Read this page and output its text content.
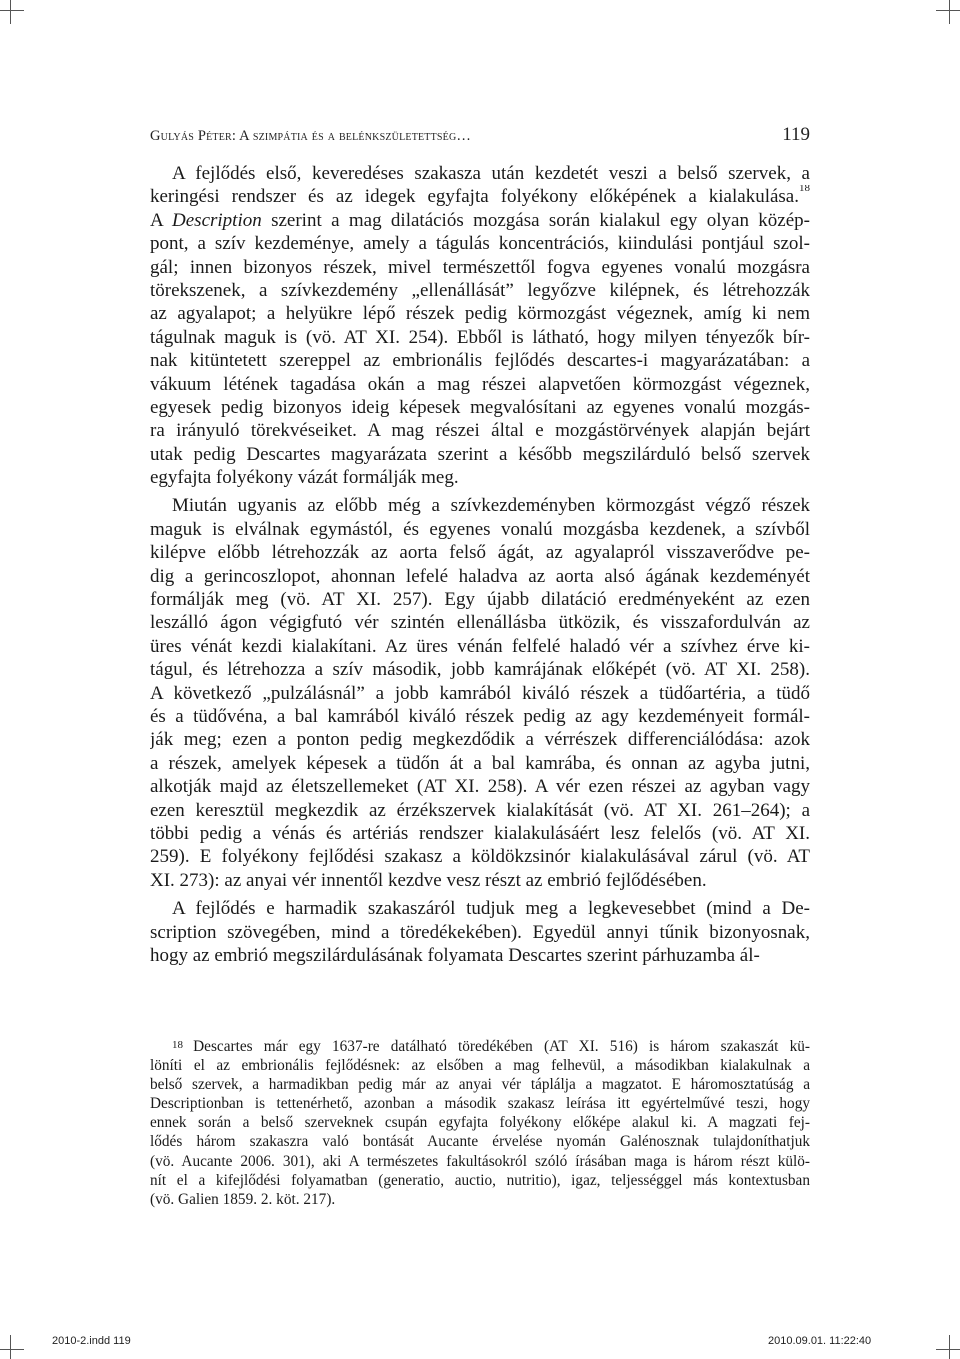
Gulyás Péter: A szimpátia és a belénkszületettség…	119
A fejlődés első, keveredéses szakasza után kezdetét veszi a belső szervek, a
keringési rendszer és az idegek egyfajta folyékony előképének a kialakulása.$^{18}$
A Description szerint a mag dilatációs mozgása során kialakul egy olyan közép-
pont, a szív kezdeménye, amely a tágulás koncentrációs, kiindulási pontjául szol-
gál; innen bizonyos részek, mivel természettől fogva egyenes vonalú mozgásra
törekszenek, a szívkezdemény „ellenállását” legyőzve kilépnek, és létrehozzák
az agyalapot; a helyükre lépő részek pedig körmozgást végeznek, amíg ki nem
tágulnak maguk is (vö. AT XI. 254). Ebből is látható, hogy milyen tényezők bír-
nak kitüntetett szereppel az embrionális fejlődés descartes-i magyarázatában: a
vákuum létének tagadása okán a mag részei alapvetően körmozgást végeznek,
egyesek pedig bizonyos ideig képesek megvalósítani az egyenes vonalú mozgás-
ra irányuló törekvéseiket. A mag részei által e mozgástörvények alapján bejárt
utak pedig Descartes magyarázata szerint a később megszilárduló belső szervek
egyfajta folyékony vázát formálják meg.
Miután ugyanis az előbb még a szívkezdeményben körmozgást végző részek
maguk is elválnak egymástól, és egyenes vonalú mozgásba kezdenek, a szívből
kilépve előbb létrehozzák az aorta felső ágát, az agyalapról visszaverődve pe-
dig a gerincoszlopot, ahonnan lefelé haladva az aorta alsó ágának kezdeményét
formálják meg (vö. AT XI. 257). Egy újabb dilatáció eredményeként az ezen
leszálló ágon végigfutó vér szintén ellenállásba ütközik, és visszafordulván az
üres vénát kezdi kialakítani. Az üres vénán felfelé haladó vér a szívhez érve ki-
tágul, és létrehozza a szív második, jobb kamrájának előképét (vö. AT XI. 258).
A következő „pulzálásnál” a jobb kamrából kiváló részek a tüdőartéria, a tüdő
és a tüdővéna, a bal kamrából kiváló részek pedig az agy kezdeményeit formál-
ják meg; ezen a ponton pedig megkezdődik a vérrészek differenciálódása: azok
a részek, amelyek képesek a tüdőn át a bal kamrába, és onnan az agyba jutni,
alkotják majd az életszellemeket (AT XI. 258). A vér ezen részei az agyban vagy
ezen keresztül megkezdik az érzékszervek kialakítását (vö. AT XI. 261–264); a
többi pedig a vénás és artériás rendszer kialakulásáért lesz felelős (vö. AT XI.
259). E folyékony fejlődési szakasz a köldökzsinór kialakulásával zárul (vö. AT
XI. 273): az anyai vér innentől kezdve vesz részt az embrió fejlődésében.
A fejlődés e harmadik szakaszáról tudjuk meg a legkevesebbet (mind a De-
scription szövegében, mind a töredékekében). Egyedül annyi tűnik bizonyosnak,
hogy az embrió megszilárdulásának folyamata Descartes szerint párhuzamba ál-
$^{18}$ Descartes már egy 1637-re datálható töredékében (AT XI. 516) is három szakaszát kü-
löníti el az embrionális fejlődésnek: az elsőben a mag felhevül, a másodikban kialakulnak a
belső szervek, a harmadikban pedig már az anyai vér táplálja a magzatot. E háromosztatúság a
Descriptionban is tettenérhető, azonban a második szakasz leírása itt egyértelművé teszi, hogy
ennek során a belső szerveknek csupán egyfajta folyékony előképe alakul ki. A magzati fej-
lődés három szakaszra való bontását Aucante érvelése nyomán Galénosznak tulajdoníthatjuk
(vö. Aucante 2006. 301), aki A természetes fakultásokról szóló írásában maga is három részt külö-
nít el a kifejlődési folyamatban (generatio, auctio, nutritio), igaz, teljességgel más kontextusban
(vö. Galien 1859. 2. köt. 217).
2010-2.indd 119	2010.09.01. 11:22:40
